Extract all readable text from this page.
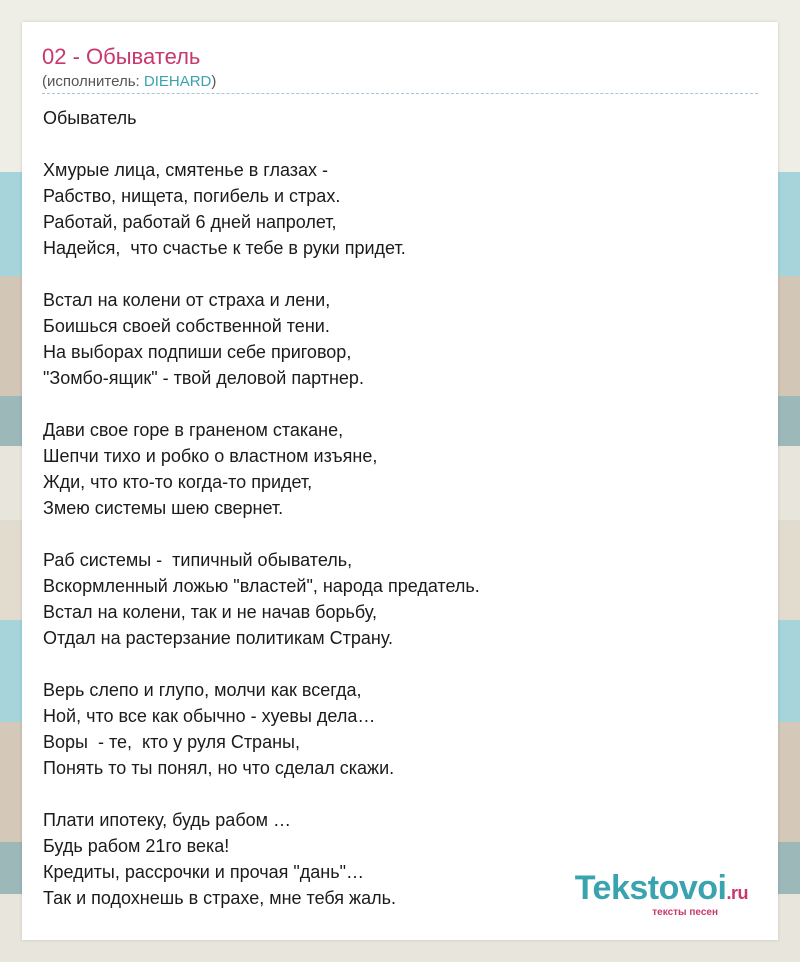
02 - Обыватель
(исполнитель: DIEHARD)
Обыватель
Хмурые лица, смятенье в глазах -
Рабство, нищета, погибель и страх.
Работай, работай 6 дней напролет,
Надейся,  что счастье к тебе в руки придет.
Встал на колени от страха и лени,
Боишься своей собственной тени.
На выборах подпиши себе приговор,
"Зомбо-ящик" - твой деловой партнер.
Дави свое горе в граненом стакане,
Шепчи тихо и робко о властном изъяне,
Жди, что кто-то когда-то придет,
Змею системы шею свернет.
Раб системы -  типичный обыватель,
Вскормленный ложью "властей", народа предатель.
Встал на колени, так и не начав борьбу,
Отдал на растерзание политикам Страну.
Верь слепо и глупо, молчи как всегда,
Ной, что все как обычно - хуевы дела…
Воры  - те,  кто у руля Страны,
Понять то ты понял, но что сделал скажи.
Плати ипотеку, будь рабом …
Будь рабом 21го века!
Кредиты, рассрочки и прочая "дань"…
Так и подохнешь в страхе, мне тебя жаль.	Tekstovoi.ru
тексты песен
